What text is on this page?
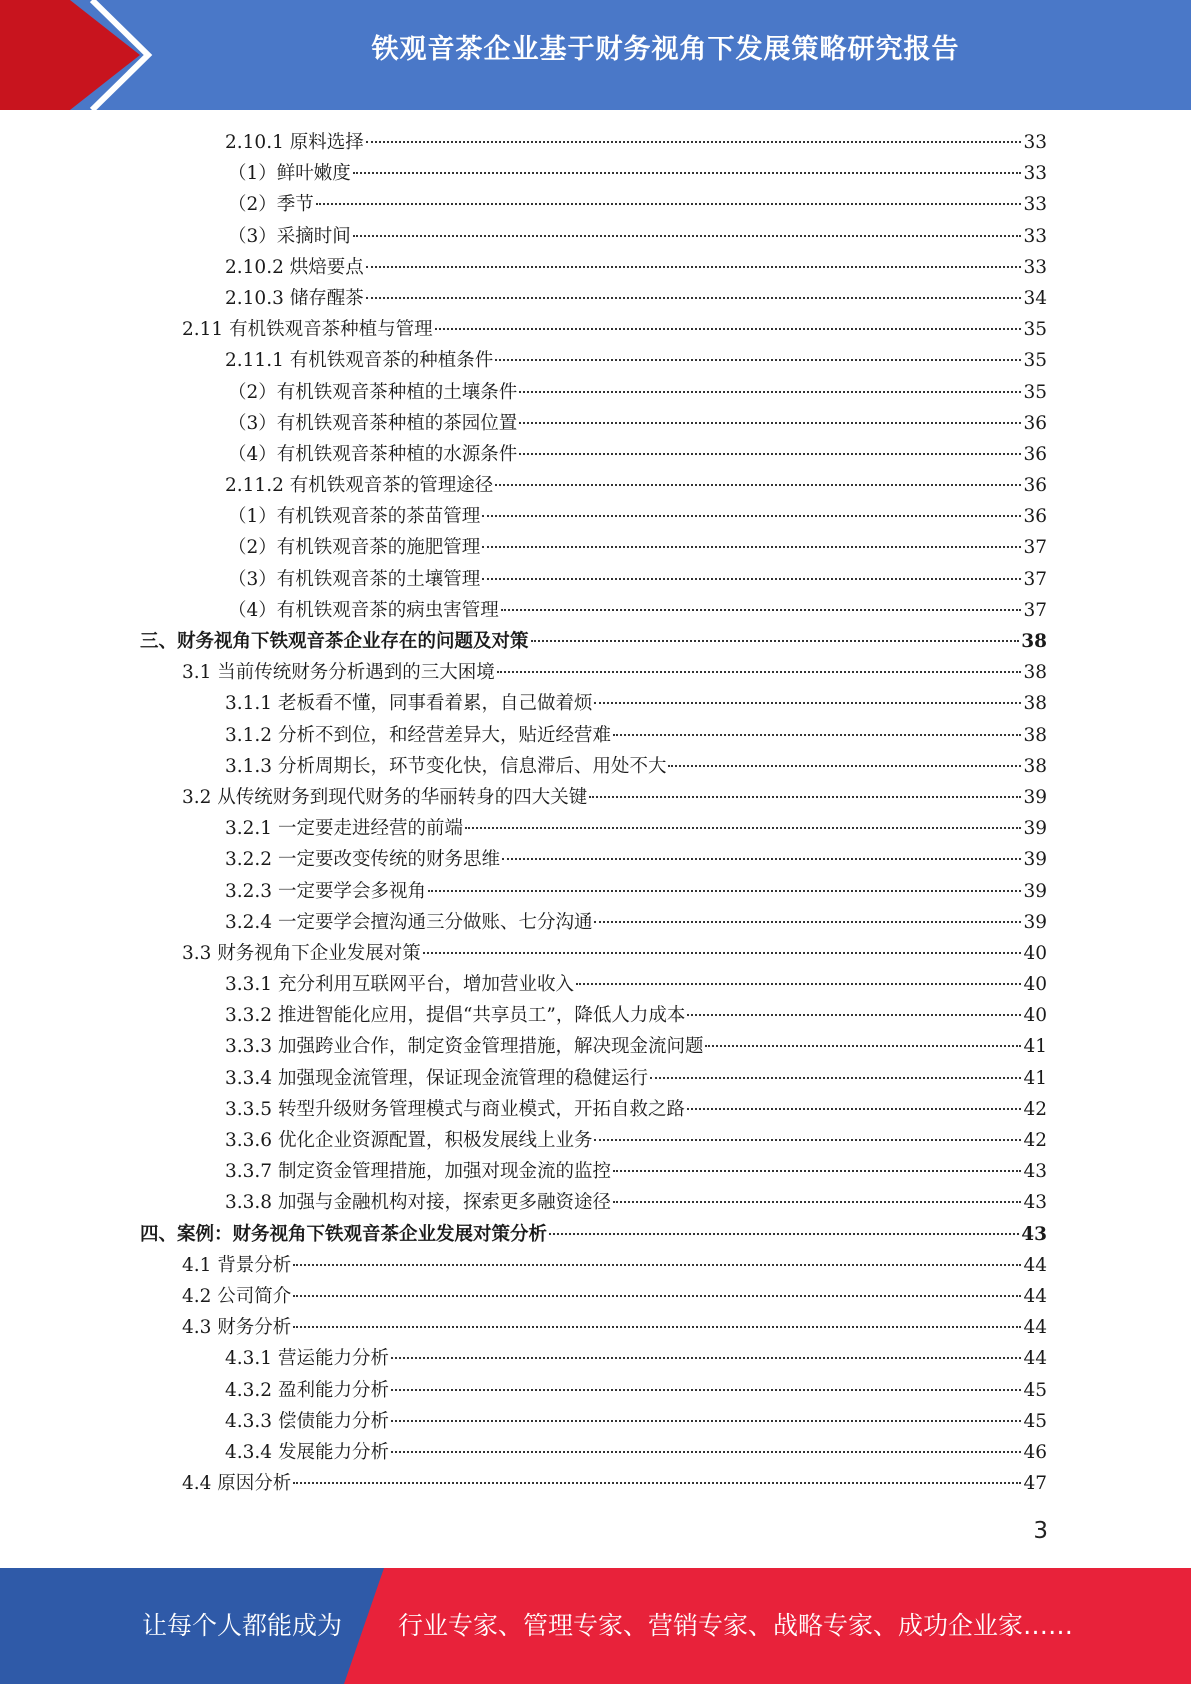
铁观音茶企业基于财务视角下发展策略研究报告
2.10.1 原料选择	33
（1）鲜叶嫩度	33
（2）季节	33
（3）采摘时间	33
2.10.2 烘焙要点	33
2.10.3 储存醒茶	34
2.11 有机铁观音茶种植与管理	35
2.11.1 有机铁观音茶的种植条件	35
（2）有机铁观音茶种植的土壤条件	35
（3）有机铁观音茶种植的茶园位置	36
（4）有机铁观音茶种植的水源条件	36
2.11.2 有机铁观音茶的管理途径	36
（1）有机铁观音茶的茶苗管理	36
（2）有机铁观音茶的施肥管理	37
（3）有机铁观音茶的土壤管理	37
（4）有机铁观音茶的病虫害管理	37
三、财务视角下铁观音茶企业存在的问题及对策	38
3.1 当前传统财务分析遇到的三大困境	38
3.1.1 老板看不懂，同事看着累，自己做着烦	38
3.1.2 分析不到位，和经营差异大，贴近经营难	38
3.1.3 分析周期长，环节变化快，信息滞后、用处不大	38
3.2 从传统财务到现代财务的华丽转身的四大关键	39
3.2.1 一定要走进经营的前端	39
3.2.2 一定要改变传统的财务思维	39
3.2.3 一定要学会多视角	39
3.2.4 一定要学会擅沟通三分做账、七分沟通	39
3.3 财务视角下企业发展对策	40
3.3.1 充分利用互联网平台，增加营业收入	40
3.3.2 推进智能化应用，提倡“共享员工”，降低人力成本	40
3.3.3 加强跨业合作，制定资金管理措施，解决现金流问题	41
3.3.4 加强现金流管理，保证现金流管理的稳健运行	41
3.3.5 转型升级财务管理模式与商业模式，开拓自救之路	42
3.3.6 优化企业资源配置，积极发展线上业务	42
3.3.7 制定资金管理措施，加强对现金流的监控	43
3.3.8 加强与金融机构对接，探索更多融资途径	43
四、案例：财务视角下铁观音茶企业发展对策分析	43
4.1 背景分析	44
4.2 公司简介	44
4.3 财务分析	44
4.3.1 营运能力分析	44
4.3.2 盈利能力分析	45
4.3.3 偿债能力分析	45
4.3.4 发展能力分析	46
4.4 原因分析	47
3
让每个人都能成为 行业专家、管理专家、营销专家、战略专家、成功企业家……
